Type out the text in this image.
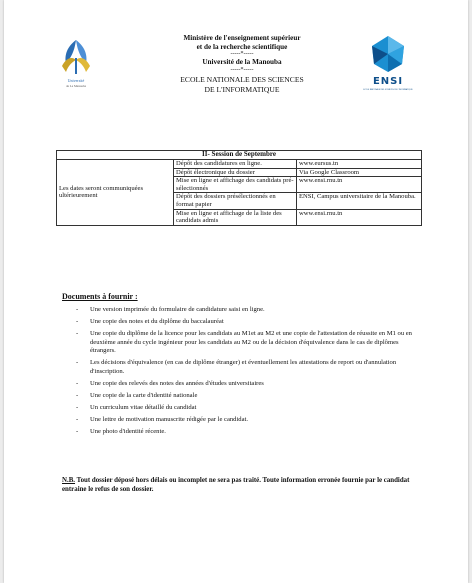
Université
de La Manouba
Ministère de l'enseignement supérieur
et de la recherche scientifique
-----*-----
Université de la Manouba
-----*-----
ECOLE NATIONALE DES SCIENCES
DE L'INFORMATIQUE
ENSI
ECOLE NATIONALE DES SCIENCES DE L'INFORMATIQUE
II- Session de Septembre		
Les dates seront communiquées ultérieurement	Dépôt des candidatures en ligne.	www.eursus.tn
	Dépôt électronique du dossier	Via Google Classroom
	Mise en ligne et affichage des candidats pré-sélectionnés	www.ensi.rnu.tn
	Dépôt des dossiers présélectionnés en format papier	ENSI, Campus universitaire de la Manouba.
	Mise en ligne et affichage de la liste des candidats admis	www.ensi.rnu.tn
Documents à fournir :
- Une version imprimée du formulaire de candidature saisi en ligne.
- Une copie des notes et du diplôme du baccalauréat
- Une copie du diplôme de la licence pour les candidats au M1et au M2 et une copie de l'attestation de réussite en M1 ou en deuxième année du cycle ingénieur pour les candidats au M2 ou de la décision d'équivalence dans le cas de diplômes étrangers.
- Les décisions d'équivalence (en cas de diplôme étranger) et éventuellement les attestations de report ou d'annulation d'inscription.
- Une copie des relevés des notes des années d'études universitaires
- Une copie de la carte d'identité nationale
- Un curriculum vitae détaillé du candidat
- Une lettre de motivation manuscrite rédigée par le candidat.
- Une photo d'identité récente.
N.B. Tout dossier déposé hors délais ou incomplet ne sera pas traité. Toute information erronée fournie par le candidat entraine le refus de son dossier.
